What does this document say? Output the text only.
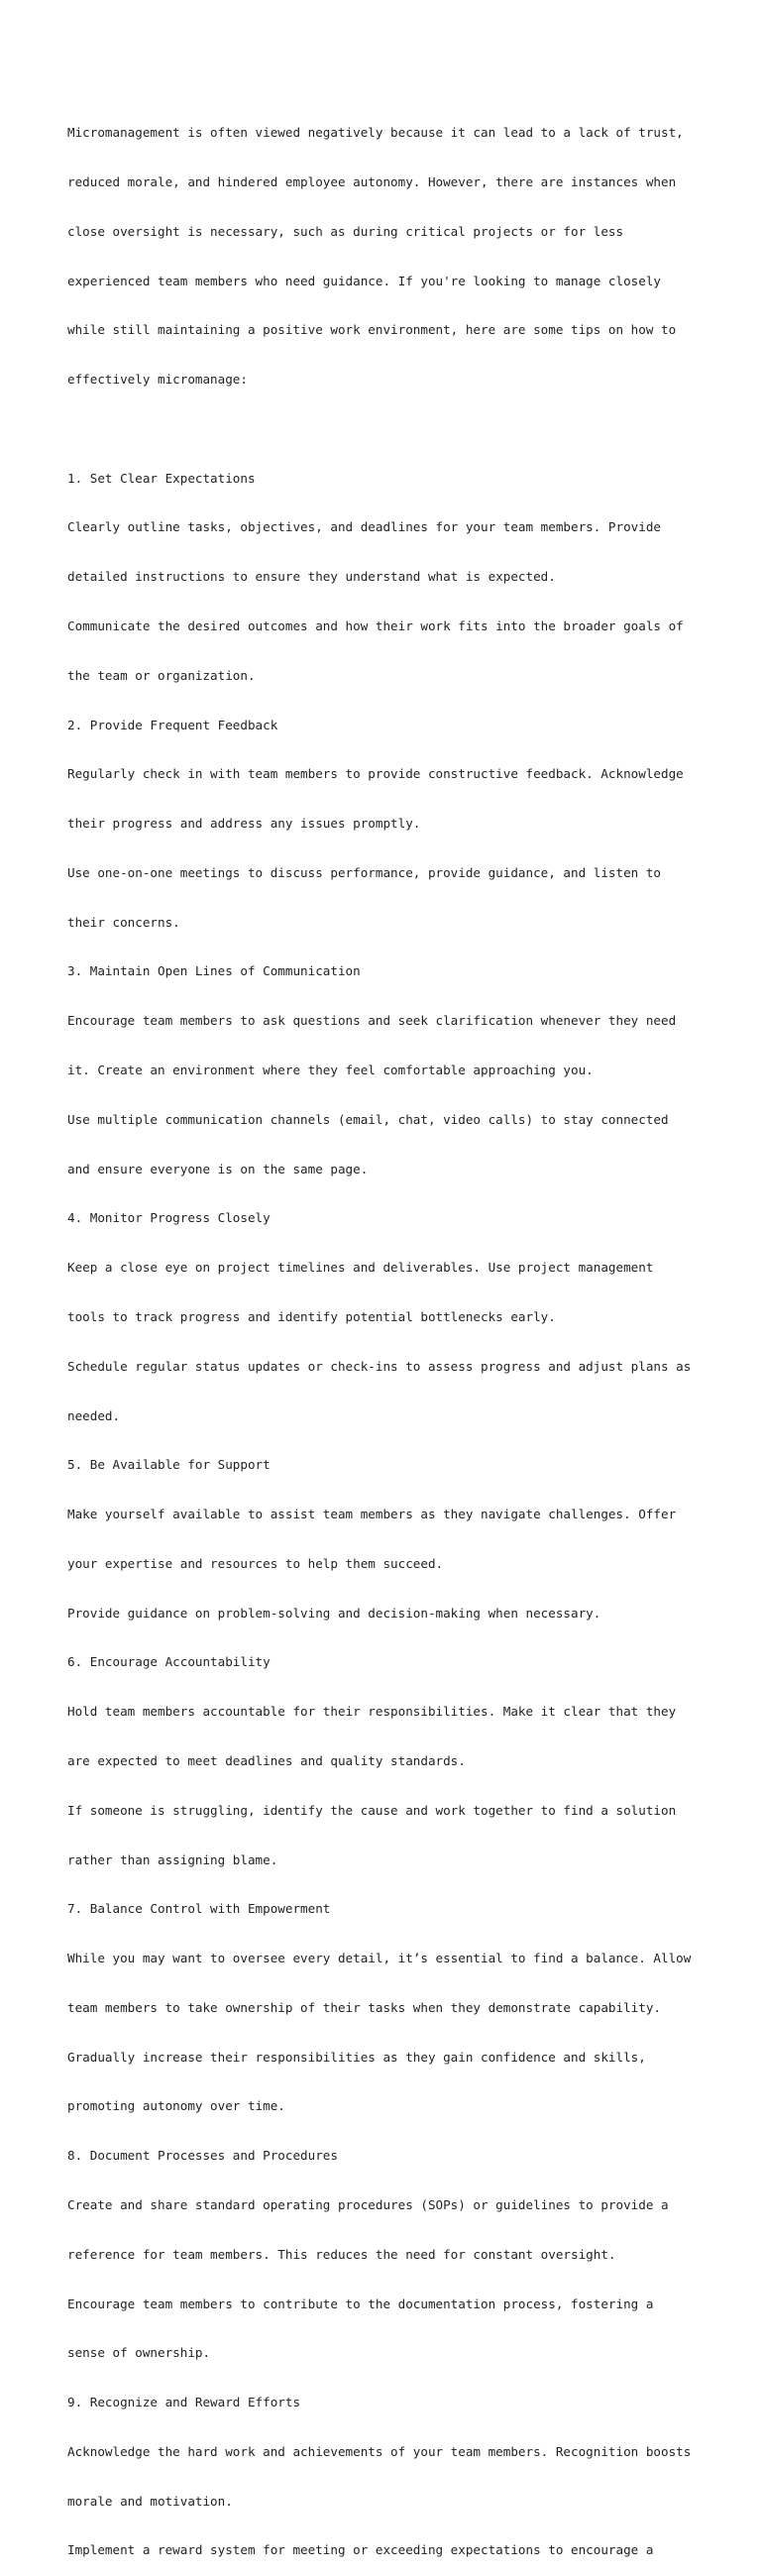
Micromanagement is often viewed negatively because it can lead to a lack of trust,

reduced morale, and hindered employee autonomy. However, there are instances when

close oversight is necessary, such as during critical projects or for less

experienced team members who need guidance. If you're looking to manage closely

while still maintaining a positive work environment, here are some tips on how to

effectively micromanage:

1. Set Clear Expectations

Clearly outline tasks, objectives, and deadlines for your team members. Provide

detailed instructions to ensure they understand what is expected.

Communicate the desired outcomes and how their work fits into the broader goals of

the team or organization.

2. Provide Frequent Feedback

Regularly check in with team members to provide constructive feedback. Acknowledge

their progress and address any issues promptly.

Use one-on-one meetings to discuss performance, provide guidance, and listen to

their concerns.

3. Maintain Open Lines of Communication

Encourage team members to ask questions and seek clarification whenever they need

it. Create an environment where they feel comfortable approaching you.

Use multiple communication channels (email, chat, video calls) to stay connected

and ensure everyone is on the same page.

4. Monitor Progress Closely

Keep a close eye on project timelines and deliverables. Use project management

tools to track progress and identify potential bottlenecks early.

Schedule regular status updates or check-ins to assess progress and adjust plans as

needed.

5. Be Available for Support

Make yourself available to assist team members as they navigate challenges. Offer

your expertise and resources to help them succeed.

Provide guidance on problem-solving and decision-making when necessary.

6. Encourage Accountability

Hold team members accountable for their responsibilities. Make it clear that they

are expected to meet deadlines and quality standards.

If someone is struggling, identify the cause and work together to find a solution

rather than assigning blame.

7. Balance Control with Empowerment

While you may want to oversee every detail, it’s essential to find a balance. Allow

team members to take ownership of their tasks when they demonstrate capability.

Gradually increase their responsibilities as they gain confidence and skills,

promoting autonomy over time.

8. Document Processes and Procedures

Create and share standard operating procedures (SOPs) or guidelines to provide a

reference for team members. This reduces the need for constant oversight.

Encourage team members to contribute to the documentation process, fostering a

sense of ownership.

9. Recognize and Reward Efforts

Acknowledge the hard work and achievements of your team members. Recognition boosts

morale and motivation.

Implement a reward system for meeting or exceeding expectations to encourage a
